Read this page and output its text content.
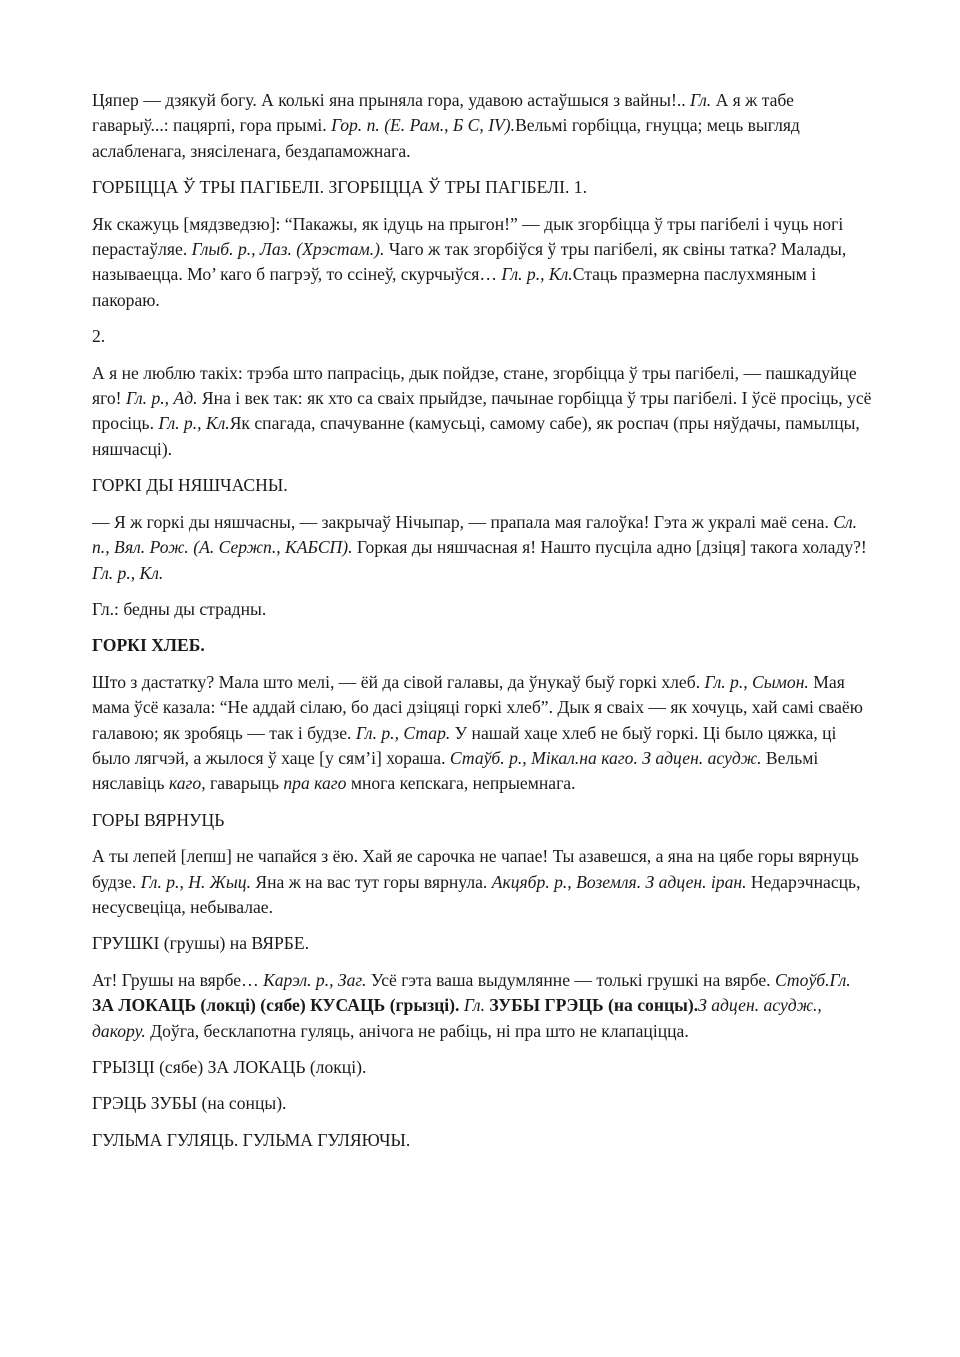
Цяпер — дзякуй богу. А колькі яна прыняла гора, удавою астаўшыся з вайны!.. Гл. А я ж табе гаварыў...: пацярпі, гора прымі. Гор. п. (Е. Рам., Б С, IV).Вельмі горбіцца, гнуцца; мець выгляд аслабленага, знясіленага, бездапаможнага.

ГОРБІЦЦА Ў ТРЫ ПАГІБЕЛІ. ЗГОРБІЦЦА Ў ТРЫ ПАГІБЕЛІ. 1.

Як скажуць [мядзведзю]: “Пакажы, як ідуць на прыгон!” — дык згорбіцца ў тры пагібелі і чуць ногі перастаўляе. Глыб. р., Лаз. (Хрэстам.). Чаго ж так згорбіўся ў тры пагібелі, як свіны татка? Малады, называецца. Мо’ каго б пагрэў, то ссінеў, скурчыўся… Гл. р., Кл.Стаць празмерна паслухмяным і пакораю.

2.

А я не люблю такіх: трэба што папрасіць, дык пойдзе, стане, згорбіцца ў тры пагібелі, — пашкадуйце яго! Гл. р., Ад. Яна і век так: як хто са сваіх прыйдзе, пачынае горбіцца ў тры пагібелі. І ўсё просіць, усё просіць. Гл. р., Кл.Як спагада, спачуванне (камусьці, самому сабе), як роспач (пры няўдачы, памылцы, няшчасці).

ГОРКІ ДЫ НЯШЧАСНЫ.

— Я ж горкі ды няшчасны, — закрычаў Нічыпар, — прапала мая галоўка! Гэта ж укралі маё сена. Сл. п., Вял. Рож. (А. Сержп., КАБСП). Горкая ды няшчасная я! Нашто пусціла адно [дзіця] такога холаду?! Гл. р., Кл.

Гл.: бедны ды страдны.

ГОРКІ ХЛЕБ.

Што з дастатку? Мала што мелі, — ёй да сівой галавы, да ўнукаў быў горкі хлеб. Гл. р., Сымон. Мая мама ўсё казала: “Не аддай сілаю, бо дасі дзіцяці горкі хлеб”. Дык я сваіх — як хочуць, хай самі сваёю галавою; як зробяць — так і будзе. Гл. р., Стар. У нашай хаце хлеб не быў горкі. Ці было цяжка, ці было лягчэй, а жылося ў хаце [у сям’і] хораша. Стаўб. р., Мікал.на каго. З адцен. асудж. Вельмі няславіць каго, гаварыць пра каго многа кепскага, непрыемнага.

ГОРЫ ВЯРНУЦЬ

А ты лепей [лепш] не чапайся з ёю. Хай яе сарочка не чапае! Ты азавешся, а яна на цябе горы вярнуць будзе. Гл. р., Н. Жыц. Яна ж на вас тут горы вярнула. Акцябр. р., Воземля. З адцен. іран. Недарэчнасць, несусвеціца, небывалае.

ГРУШКІ (грушы) на ВЯРБЕ.

Ат! Грушы на вярбе… Карэл. р., Заг. Усё гэта ваша выдумлянне — толькі грушкі на вярбе. Стоўб.Гл. ЗА ЛОКАЦЬ (локці) (сябе) КУСАЦЬ (грызці). Гл. ЗУБЫ ГРЭЦЬ (на сонцы).З адцен. асудж., дакору. Доўга, бесклапотна гуляць, анічога не рабіць, ні пра што не клапаціцца.

ГРЫЗЦІ (сябе) ЗА ЛОКАЦЬ (локці).

ГРЭЦЬ ЗУБЫ (на сонцы).

ГУЛЬМА ГУЛЯЦЬ. ГУЛЬМА ГУЛЯЮЧЫ.
